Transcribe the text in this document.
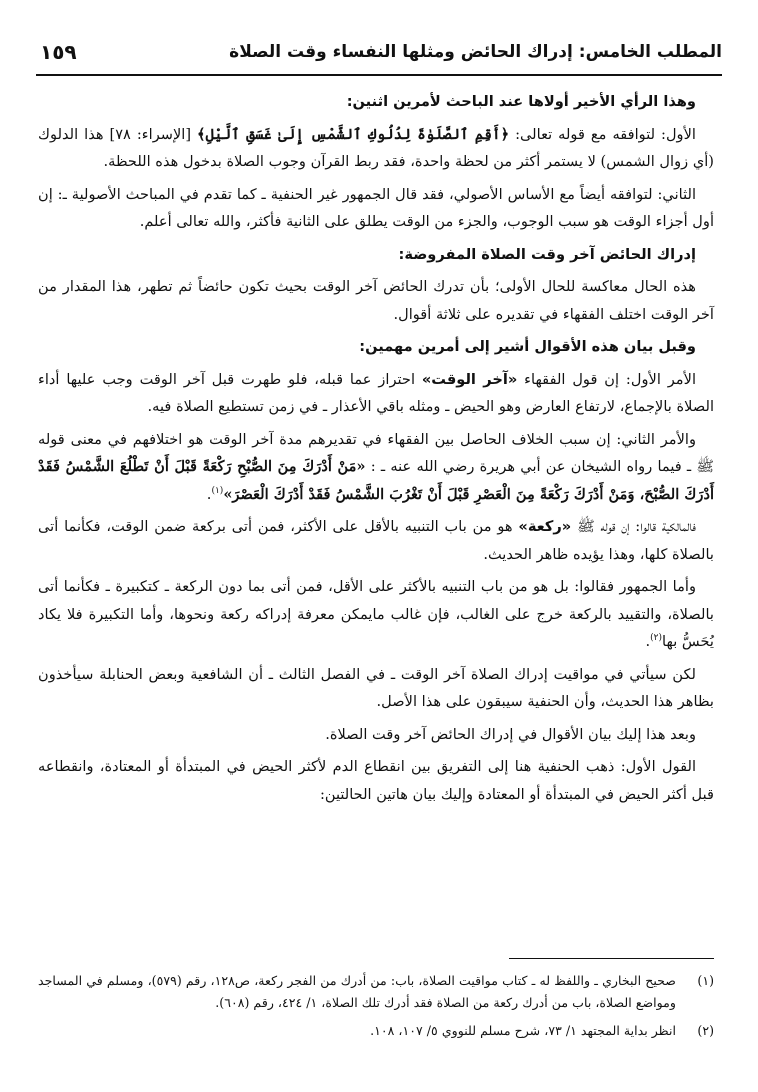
المطلب الخامس: إدراك الحائض ومثلها النفساء وقت الصلاة
١٥٩

وهذا الرأي الأخير أولاها عند الباحث لأمرين اثنين:

الأول: لتوافقه مع قوله تعالى: ﴿أَقِمِ ٱلصَّلَوٰةَ لِدُلُوكِ ٱلشَّمْسِ إِلَىٰ غَسَقِ ٱلَّيْلِ﴾ [الإسراء: ٧٨] هذا الدلوك (أي زوال الشمس) لا يستمر أكثر من لحظة واحدة، فقد ربط القرآن وجوب الصلاة بدخول هذه اللحظة.

الثاني: لتوافقه أيضاً مع الأساس الأصولي، فقد قال الجمهور غير الحنفية ـ كما تقدم في المباحث الأصولية ـ: إن أول أجزاء الوقت هو سبب الوجوب، والجزء من الوقت يطلق على الثانية فأكثر، والله تعالى أعلم.

إدراك الحائض آخر وقت الصلاة المفروضة:

هذه الحال معاكسة للحال الأولى؛ بأن تدرك الحائض آخر الوقت بحيث تكون حائضاً ثم تطهر، هذا المقدار من آخر الوقت اختلف الفقهاء في تقديره على ثلاثة أقوال.

وقبل بيان هذه الأقوال أشير إلى أمرين مهمين:

الأمر الأول: إن قول الفقهاء «آخر الوقت» احتراز عما قبله، فلو طهرت قبل آخر الوقت وجب عليها أداء الصلاة بالإجماع، لارتفاع العارض وهو الحيض ـ ومثله باقي الأعذار ـ في زمن تستطيع الصلاة فيه.

والأمر الثاني: إن سبب الخلاف الحاصل بين الفقهاء في تقديرهم مدة آخر الوقت هو اختلافهم في معنى قوله ﷺ ـ فيما رواه الشيخان عن أبي هريرة رضي الله عنه ـ : «مَنْ أَدْرَكَ مِنَ الصُّبْحِ رَكْعَةً قَبْلَ أَنْ تَطْلُعَ الشَّمْسُ فَقَدْ أَدْرَكَ الصُّبْحَ، وَمَنْ أَدْرَكَ رَكْعَةً مِنَ الْعَصْرِ قَبْلَ أَنْ تَغْرُبَ الشَّمْسُ فَقَدْ أَدْرَكَ الْعَصْرَ»$^{(١)}$.

فالمالكية قالوا: إن قوله ﷺ «ركعة» هو من باب التنبيه بالأقل على الأكثر، فمن أتى بركعة ضمن الوقت، فكأنما أتى بالصلاة كلها، وهذا يؤيده ظاهر الحديث.

وأما الجمهور فقالوا: بل هو من باب التنبيه بالأكثر على الأقل، فمن أتى بما دون الركعة ـ كتكبيرة ـ فكأنما أتى بالصلاة، والتقييد بالركعة خرج على الغالب، فإن غالب مايمكن معرفة إدراكه ركعة ونحوها، وأما التكبيرة فلا يكاد يُحَسُّ بها$^{(٢)}$.

لكن سيأتي في مواقيت إدراك الصلاة آخر الوقت ـ في الفصل الثالث ـ أن الشافعية وبعض الحنابلة سيأخذون بظاهر هذا الحديث، وأن الحنفية سيبقون على هذا الأصل.

وبعد هذا إليك بيان الأقوال في إدراك الحائض آخر وقت الصلاة.

القول الأول: ذهب الحنفية هنا إلى التفريق بين انقطاع الدم لأكثر الحيض في المبتدأة أو المعتادة، وانقطاعه قبل أكثر الحيض في المبتدأة أو المعتادة وإليك بيان هاتين الحالتين:

(١)
صحيح البخاري ـ واللفظ له ـ كتاب مواقيت الصلاة، باب: من أدرك من الفجر ركعة، ص١٢٨، رقم (٥٧٩)، ومسلم في المساجد ومواضع الصلاة، باب من أدرك ركعة من الصلاة فقد أدرك تلك الصلاة، ١/ ٤٢٤، رقم (٦٠٨).
(٢)
انظر بداية المجتهد ١/ ٧٣، شرح مسلم للنووي ٥/ ١٠٧، ١٠٨.
